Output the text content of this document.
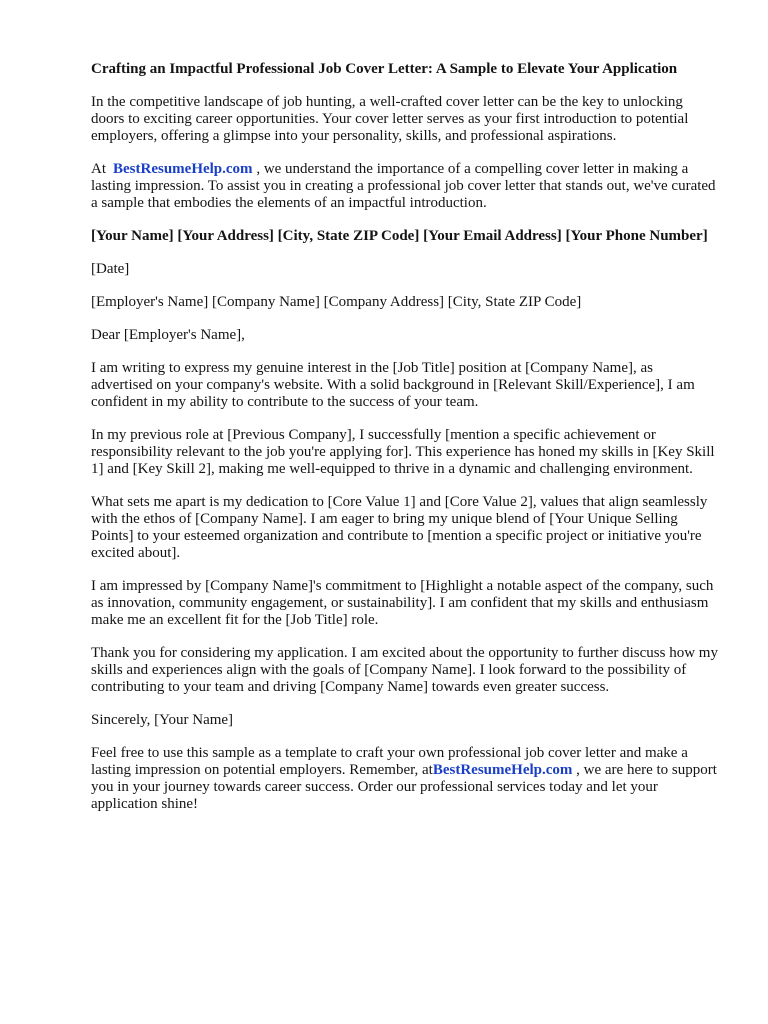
Crafting an Impactful Professional Job Cover Letter: A Sample to Elevate Your Application

In the competitive landscape of job hunting, a well-crafted cover letter can be the key to unlocking doors to exciting career opportunities. Your cover letter serves as your first introduction to potential employers, offering a glimpse into your personality, skills, and professional aspirations.

At BestResumeHelp.com , we understand the importance of a compelling cover letter in making a lasting impression. To assist you in creating a professional job cover letter that stands out, we've curated a sample that embodies the elements of an impactful introduction.

[Your Name] [Your Address] [City, State ZIP Code] [Your Email Address] [Your Phone Number]

[Date]

[Employer's Name] [Company Name] [Company Address] [City, State ZIP Code]

Dear [Employer's Name],

I am writing to express my genuine interest in the [Job Title] position at [Company Name], as advertised on your company's website. With a solid background in [Relevant Skill/Experience], I am confident in my ability to contribute to the success of your team.

In my previous role at [Previous Company], I successfully [mention a specific achievement or responsibility relevant to the job you're applying for]. This experience has honed my skills in [Key Skill 1] and [Key Skill 2], making me well-equipped to thrive in a dynamic and challenging environment.

What sets me apart is my dedication to [Core Value 1] and [Core Value 2], values that align seamlessly with the ethos of [Company Name]. I am eager to bring my unique blend of [Your Unique Selling Points] to your esteemed organization and contribute to [mention a specific project or initiative you're excited about].

I am impressed by [Company Name]'s commitment to [Highlight a notable aspect of the company, such as innovation, community engagement, or sustainability]. I am confident that my skills and enthusiasm make me an excellent fit for the [Job Title] role.

Thank you for considering my application. I am excited about the opportunity to further discuss how my skills and experiences align with the goals of [Company Name]. I look forward to the possibility of contributing to your team and driving [Company Name] towards even greater success.

Sincerely, [Your Name]

Feel free to use this sample as a template to craft your own professional job cover letter and make a lasting impression on potential employers. Remember, atBestResumeHelp.com , we are here to support you in your journey towards career success. Order our professional services today and let your application shine!
